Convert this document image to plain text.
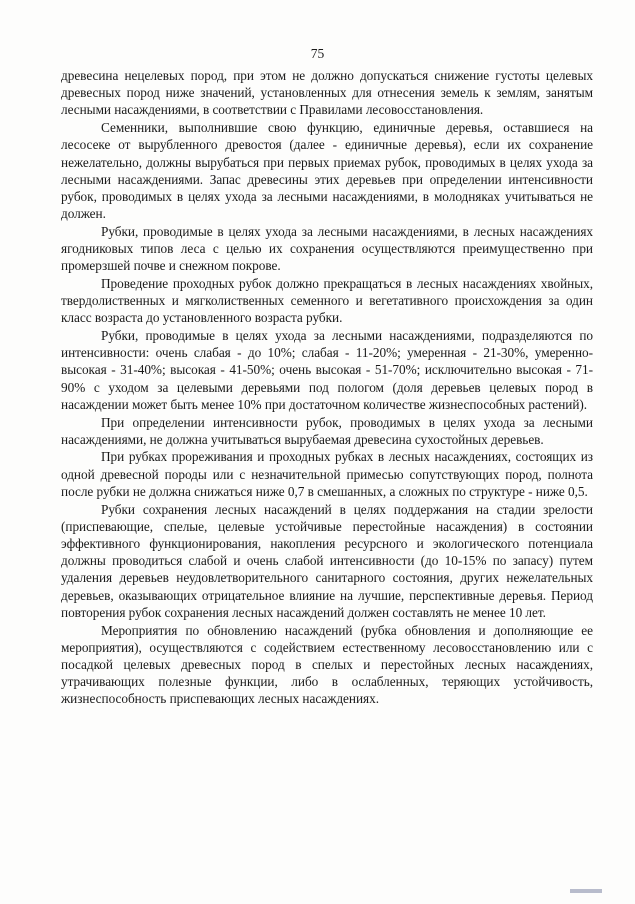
75

древесина нецелевых пород, при этом не должно допускаться снижение густоты целевых древесных пород ниже значений, установленных для отнесения земель к землям, занятым лесными насаждениями, в соответствии с Правилами лесовосстановления.

Семенники, выполнившие свою функцию, единичные деревья, оставшиеся на лесосеке от вырубленного древостоя (далее - единичные деревья), если их сохранение нежелательно, должны вырубаться при первых приемах рубок, проводимых в целях ухода за лесными насаждениями. Запас древесины этих деревьев при определении интенсивности рубок, проводимых в целях ухода за лесными насаждениями, в молодняках учитываться не должен.

Рубки, проводимые в целях ухода за лесными насаждениями, в лесных насаждениях ягодниковых типов леса с целью их сохранения осуществляются преимущественно при промерзшей почве и снежном покрове.

Проведение проходных рубок должно прекращаться в лесных насаждениях хвойных, твердолиственных и мягколиственных семенного и вегетативного происхождения за один класс возраста до установленного возраста рубки.

Рубки, проводимые в целях ухода за лесными насаждениями, подразделяются по интенсивности: очень слабая - до 10%; слабая - 11-20%; умеренная - 21-30%, умеренно-высокая - 31-40%; высокая - 41-50%; очень высокая - 51-70%; исключительно высокая - 71-90% с уходом за целевыми деревьями под пологом (доля деревьев целевых пород в насаждении может быть менее 10% при достаточном количестве жизнеспособных растений).

При определении интенсивности рубок, проводимых в целях ухода за лесными насаждениями, не должна учитываться вырубаемая древесина сухостойных деревьев.

При рубках прореживания и проходных рубках в лесных насаждениях, состоящих из одной древесной породы или с незначительной примесью сопутствующих пород, полнота после рубки не должна снижаться ниже 0,7 в смешанных, а сложных по структуре - ниже 0,5.

Рубки сохранения лесных насаждений в целях поддержания на стадии зрелости (приспевающие, спелые, целевые устойчивые перестойные насаждения) в состоянии эффективного функционирования, накопления ресурсного и экологического потенциала должны проводиться слабой и очень слабой интенсивности (до 10-15% по запасу) путем удаления деревьев неудовлетворительного санитарного состояния, других нежелательных деревьев, оказывающих отрицательное влияние на лучшие, перспективные деревья. Период повторения рубок сохранения лесных насаждений должен составлять не менее 10 лет.

Мероприятия по обновлению насаждений (рубка обновления и дополняющие ее мероприятия), осуществляются с содействием естественному лесовосстановлению или с посадкой целевых древесных пород в спелых и перестойных лесных насаждениях, утрачивающих полезные функции, либо в ослабленных, теряющих устойчивость, жизнеспособность приспевающих лесных насаждениях.
